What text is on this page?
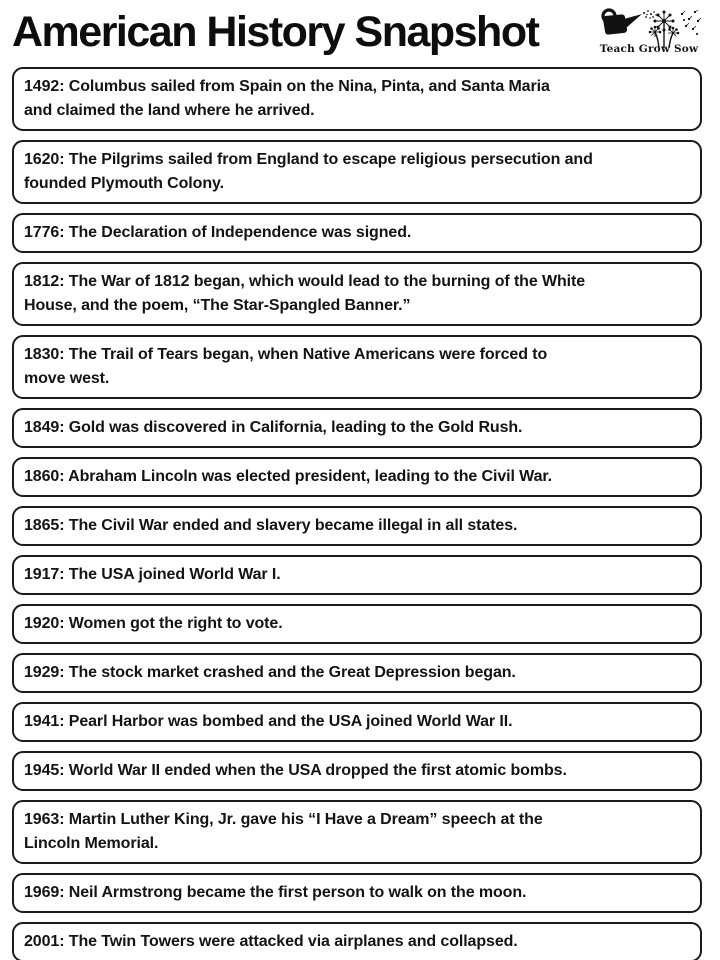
American History Snapshot	Teach Grow Sow
1492: Columbus sailed from Spain on the Nina, Pinta, and Santa Maria
and claimed the land where he arrived.
1620: The Pilgrims sailed from England to escape religious persecution and
founded Plymouth Colony.
1776: The Declaration of Independence was signed.
1812: The War of 1812 began, which would lead to the burning of the White
House, and the poem, “The Star-Spangled Banner.”
1830: The Trail of Tears began, when Native Americans were forced to
move west.
1849: Gold was discovered in California, leading to the Gold Rush.
1860: Abraham Lincoln was elected president, leading to the Civil War.
1865: The Civil War ended and slavery became illegal in all states.
1917: The USA joined World War I.
1920: Women got the right to vote.
1929: The stock market crashed and the Great Depression began.
1941: Pearl Harbor was bombed and the USA joined World War II.
1945: World War II ended when the USA dropped the first atomic bombs.
1963: Martin Luther King, Jr. gave his “I Have a Dream” speech at the
Lincoln Memorial.
1969: Neil Armstrong became the first person to walk on the moon.
2001: The Twin Towers were attacked via airplanes and collapsed.
